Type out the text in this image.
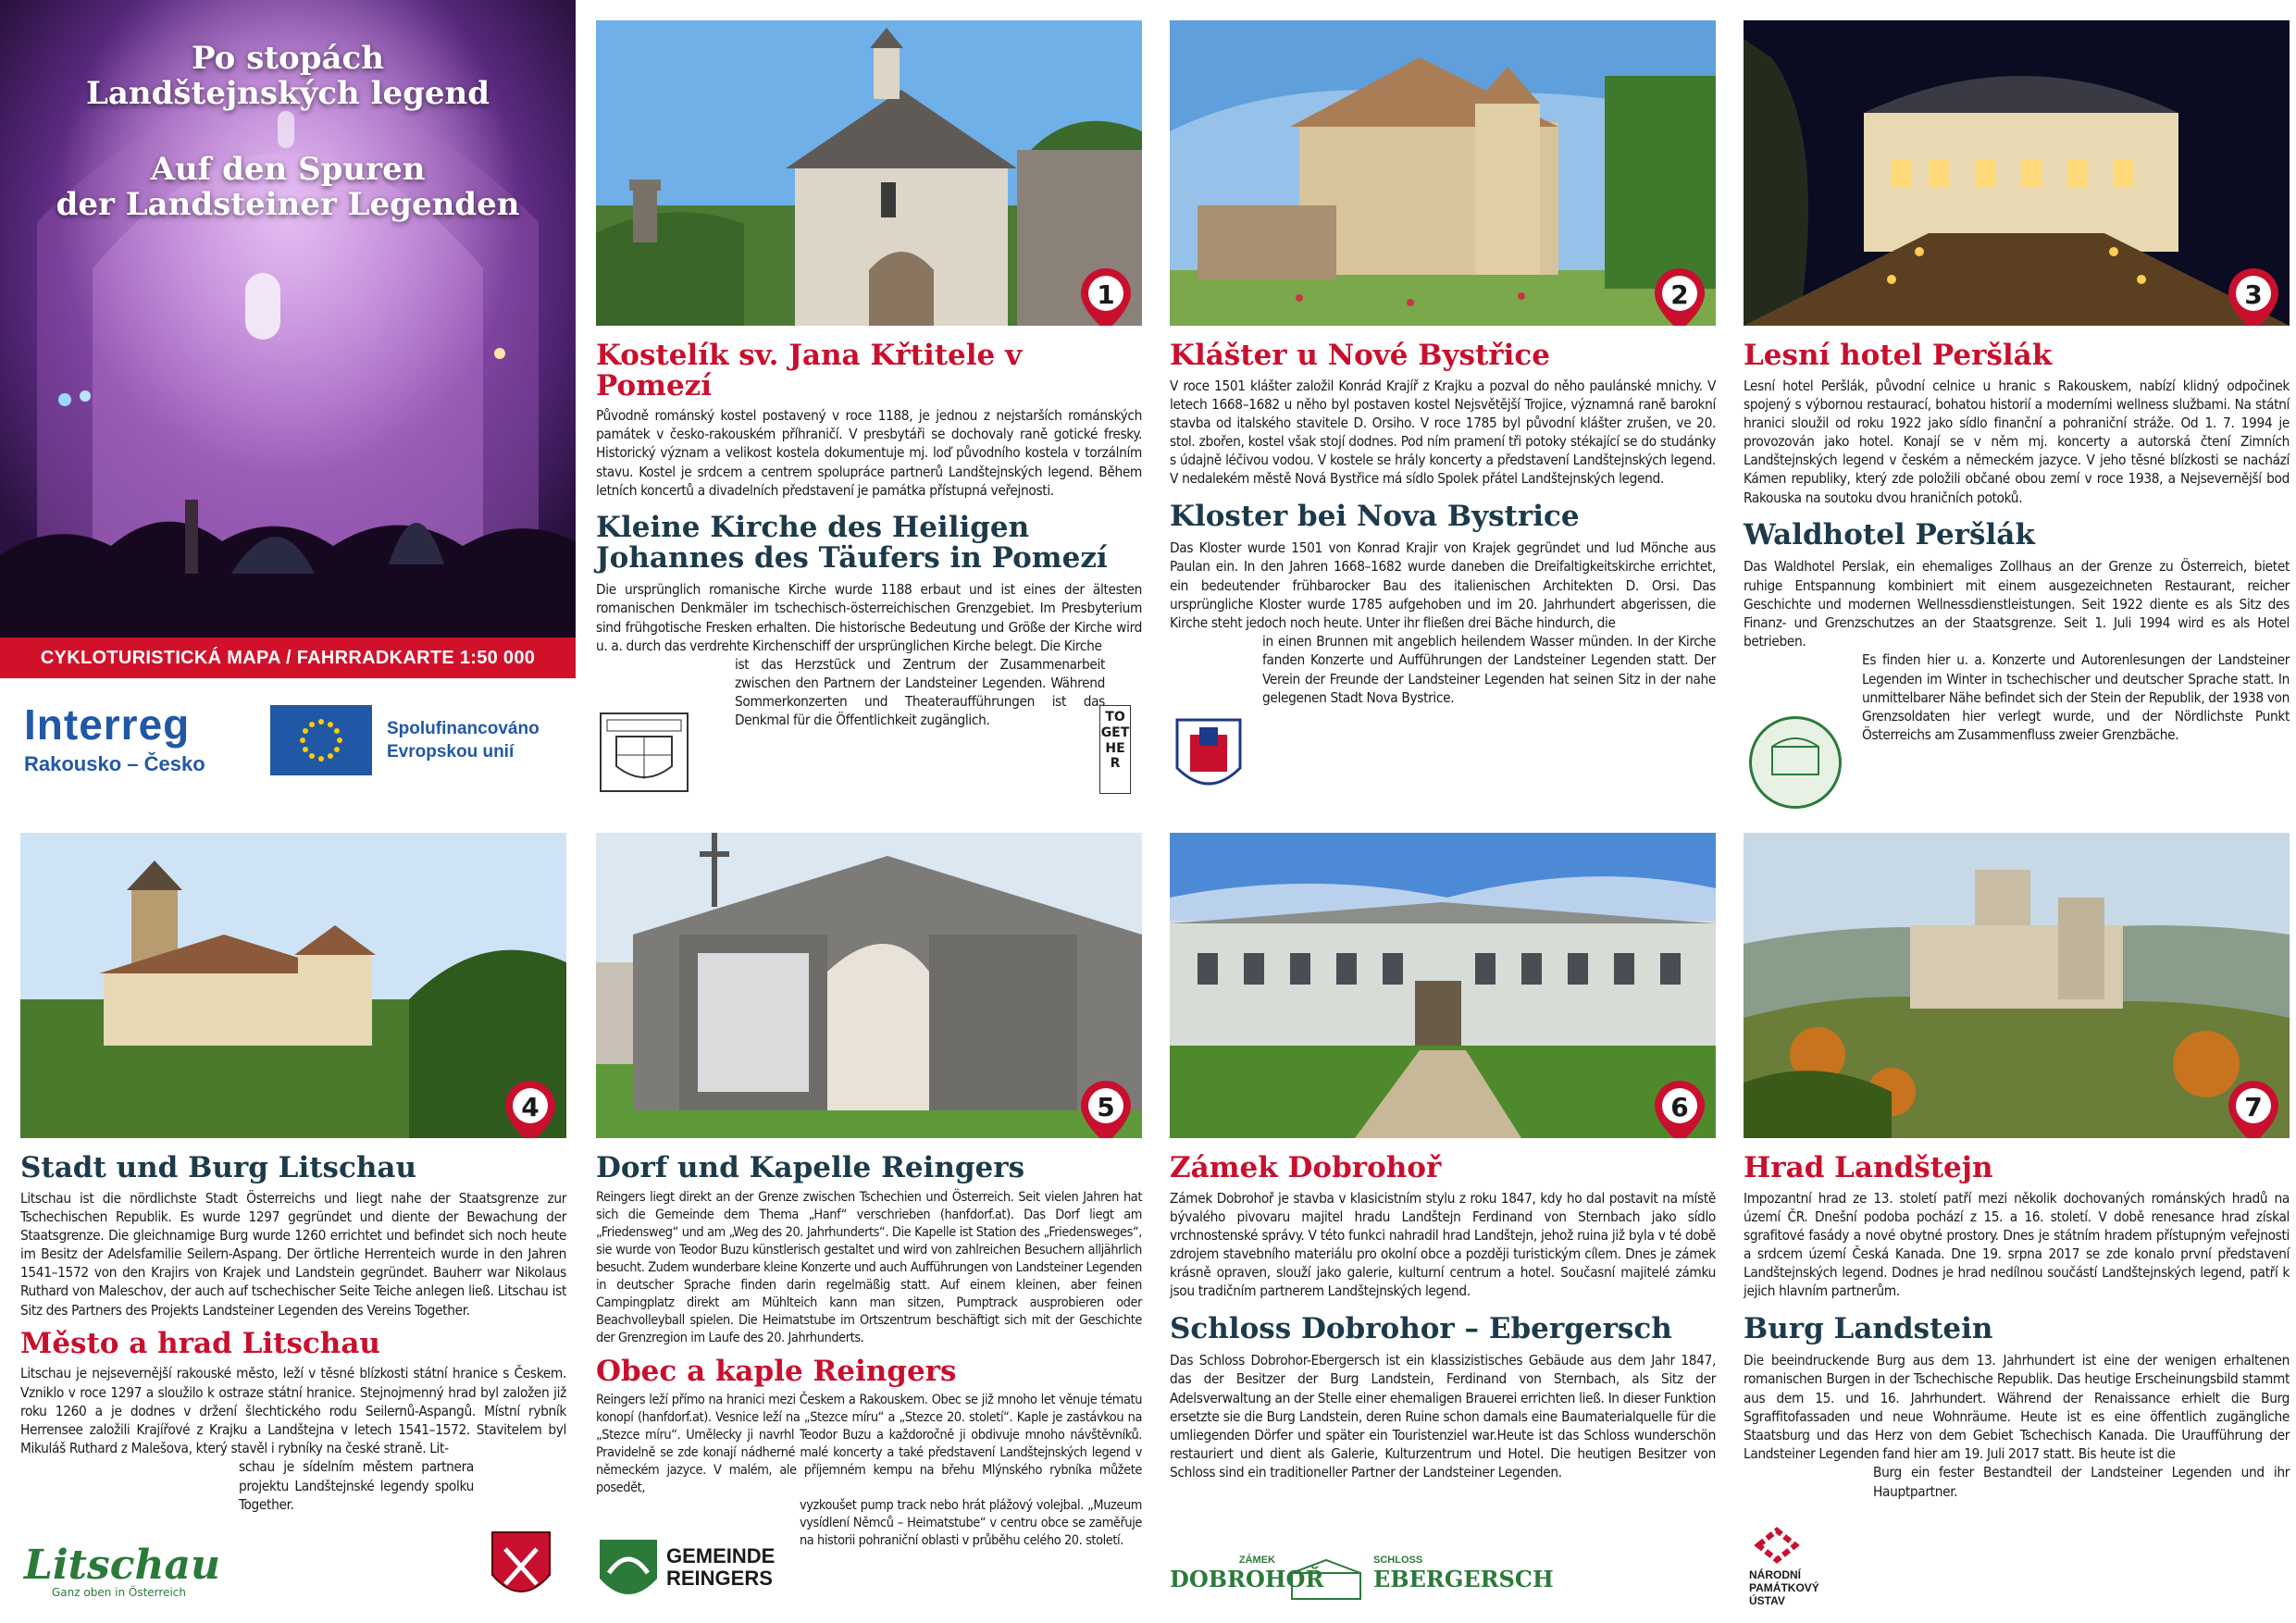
Po stopách
Landštejnských legend
Auf den Spuren
der Landsteiner Legenden
CYKLOTURISTICKÁ MAPA / FAHRRADKARTE 1:50 000
Interreg
Rakousko – Česko
Spolufinancováno
Evropskou unií
1
Kostelík sv. Jana Křtitele v Pomezí

Původně románský kostel postavený v roce 1188, je jednou z nejstarších románských památek v česko-rakouském příhraničí. V presbytáři se dochovaly raně gotické fresky. Historický význam a velikost kostela dokumentuje mj. loď původního kostela v torzálním stavu. Kostel je srdcem a centrem spolupráce partnerů Landštejnských legend. Během letních koncertů a divadelních představení je památka přístupná veřejnosti.

Kleine Kirche des Heiligen Johannes des Täufers in Pomezí

Die ursprünglich romanische Kirche wurde 1188 erbaut und ist eines der ältesten romanischen Denkmäler im tschechisch-österreichischen Grenzgebiet. Im Presbyterium sind frühgotische Fresken erhalten. Die historische Bedeutung und Größe der Kirche wird u. a. durch das verdrehte Kirchenschiff der ursprünglichen Kirche belegt. Die Kirche

ist das Herzstück und Zentrum der Zusammenarbeit zwischen den Partnern der Landsteiner Legenden. Während Sommerkonzerten und Theateraufführungen ist das Denkmal für die Öffentlichkeit zugänglich.	TOGETHER
2
Klášter u Nové Bystřice

V roce 1501 klášter založil Konrád Krajíř z Krajku a pozval do něho paulánské mnichy. V letech 1668–1682 u něho byl postaven kostel Nejsvětější Trojice, významná raně barokní stavba od italského stavitele D. Orsiho. V roce 1785 byl původní klášter zrušen, ve 20. stol. zbořen, kostel však stojí dodnes. Pod ním pramení tři potoky stékající se do studánky s údajně léčivou vodou. V kostele se hrály koncerty a představení Landštejnských legend. V nedalekém městě Nová Bystřice má sídlo Spolek přátel Landštejnských legend.

Kloster bei Nova Bystrice

Das Kloster wurde 1501 von Konrad Krajir von Krajek gegründet und lud Mönche aus Paulan ein. In den Jahren 1668–1682 wurde daneben die Dreifaltigkeitskirche errichtet, ein bedeutender frühbarocker Bau des italienischen Architekten D. Orsi. Das ursprüngliche Kloster wurde 1785 aufgehoben und im 20. Jahrhundert abgerissen, die Kirche steht jedoch noch heute. Unter ihr fließen drei Bäche hindurch, die

in einen Brunnen mit angeblich heilendem Wasser münden. In der Kirche fanden Konzerte und Aufführungen der Landsteiner Legenden statt. Der Verein der Freunde der Landsteiner Legenden hat seinen Sitz in der nahe gelegenen Stadt Nova Bystrice.

3
Lesní hotel Peršlák

Lesní hotel Peršlák, původní celnice u hranic s Rakouskem, nabízí klidný odpočinek spojený s výbornou restaurací, bohatou historií a moderními wellness službami. Na státní hranici sloužil od roku 1922 jako sídlo finanční a pohraniční stráže. Od 1. 7. 1994 je provozován jako hotel. Konají se v něm mj. koncerty a autorská čtení Zimních Landštejnských legend v českém a německém jazyce. V jeho těsné blízkosti se nachází Kámen republiky, který zde položili občané obou zemí v roce 1938, a Nejsevernější bod Rakouska na soutoku dvou hraničních potoků.

Waldhotel Peršlák

Das Waldhotel Perslak, ein ehemaliges Zollhaus an der Grenze zu Österreich, bietet ruhige Entspannung kombiniert mit einem ausgezeichneten Restaurant, reicher Geschichte und modernen Wellnessdienstleistungen. Seit 1922 diente es als Sitz des Finanz- und Grenzschutzes an der Staatsgrenze. Seit 1. Juli 1994 wird es als Hotel betrieben.

Es finden hier u. a. Konzerte und Autorenlesungen der Landsteiner Legenden im Winter in tschechischer und deutscher Sprache statt. In unmittelbarer Nähe befindet sich der Stein der Republik, der 1938 von Grenzsoldaten hier verlegt wurde, und der Nördlichste Punkt Österreichs am Zusammenfluss zweier Grenzbäche.

4
Stadt und Burg Litschau

Litschau ist die nördlichste Stadt Österreichs und liegt nahe der Staatsgrenze zur Tschechischen Republik. Es wurde 1297 gegründet und diente der Bewachung der Staatsgrenze. Die gleichnamige Burg wurde 1260 errichtet und befindet sich noch heute im Besitz der Adelsfamilie Seilern-Aspang. Der örtliche Herrenteich wurde in den Jahren 1541–1572 von den Krajirs von Krajek und Landstein gegründet. Bauherr war Nikolaus Ruthard von Maleschov, der auch auf tschechischer Seite Teiche anlegen ließ. Litschau ist Sitz des Partners des Projekts Landsteiner Legenden des Vereins Together.

Město a hrad Litschau

Litschau je nejsevernější rakouské město, leží v těsné blízkosti státní hranice s Českem. Vzniklo v roce 1297 a sloužilo k ostraze státní hranice. Stejnojmenný hrad byl založen již roku 1260 a je dodnes v držení šlechtického rodu Seilernů-Aspangů. Místní rybník Herrensee založili Krajířové z Krajku a Landštejna v letech 1541–1572. Stavitelem byl Mikuláš Ruthard z Malešova, který stavěl i rybníky na české straně. Lit-

schau je sídelním městem partnera projektu Landštejnské legendy spolku Together.

Litschau
Ganz oben in Österreich
5
Dorf und Kapelle Reingers

Reingers liegt direkt an der Grenze zwischen Tschechien und Österreich. Seit vielen Jahren hat sich die Gemeinde dem Thema „Hanf“ verschrieben (hanfdorf.at). Das Dorf liegt am „Friedensweg“ und am „Weg des 20. Jahrhunderts“. Die Kapelle ist Station des „Friedensweges“, sie wurde von Teodor Buzu künstlerisch gestaltet und wird von zahlreichen Besuchern alljährlich besucht. Zudem wunderbare kleine Konzerte und auch Aufführungen von Landsteiner Legenden in deutscher Sprache finden darin regelmäßig statt. Auf einem kleinen, aber feinen Campingplatz direkt am Mühlteich kann man sitzen, Pumptrack ausprobieren oder Beachvolleyball spielen. Die Heimatstube im Ortszentrum beschäftigt sich mit der Geschichte der Grenzregion im Laufe des 20. Jahrhunderts.

Obec a kaple Reingers

Reingers leží přímo na hranici mezi Českem a Rakouskem. Obec se již mnoho let věnuje tématu konopí (hanfdorf.at). Vesnice leží na „Stezce míru“ a „Stezce 20. století“. Kaple je zastávkou na „Stezce míru“. Umělecky ji navrhl Teodor Buzu a každoročně ji obdivuje mnoho návštěvníků. Pravidelně se zde konají nádherné malé koncerty a také představení Landštejnských legend v německém jazyce. V malém, ale příjemném kempu na břehu Mlýnského rybníka můžete posedět,

vyzkoušet pump track nebo hrát plážový volejbal. „Muzeum vysídlení Němců – Heimatstube“ v centru obce se zaměřuje na historii pohraniční oblasti v průběhu celého 20. století.

GEMEINDE
REINGERS
6
Zámek Dobrohoř

Zámek Dobrohoř je stavba v klasicistním stylu z roku 1847, kdy ho dal postavit na místě bývalého pivovaru majitel hradu Landštejn Ferdinand von Sternbach jako sídlo vrchnostenské správy. V této funkci nahradil hrad Landštejn, jehož ruina již byla v té době zdrojem stavebního materiálu pro okolní obce a později turistickým cílem. Dnes je zámek krásně opraven, slouží jako galerie, kulturní centrum a hotel. Současní majitelé zámku jsou tradičním partnerem Landštejnských legend.

Schloss Dobrohor – Ebergersch

Das Schloss Dobrohor-Ebergersch ist ein klassizistisches Gebäude aus dem Jahr 1847, das der Besitzer der Burg Landstein, Ferdinand von Sternbach, als Sitz der Adelsverwaltung an der Stelle einer ehemaligen Brauerei errichten ließ. In dieser Funktion ersetzte sie die Burg Landstein, deren Ruine schon damals eine Baumaterialquelle für die umliegenden Dörfer und später ein Touristenziel war.Heute ist das Schloss wunderschön restauriert und dient als Galerie, Kulturzentrum und Hotel. Die heutigen Besitzer von Schloss sind ein traditioneller Partner der Landsteiner Legenden.

ZÁMEK
DOBROHOŘ
SCHLOSS
EBERGERSCH
7
Hrad Landštejn

Impozantní hrad ze 13. století patří mezi několik dochovaných románských hradů na území ČR. Dnešní podoba pochází z 15. a 16. století. V době renesance hrad získal sgrafitové fasády a nové obytné prostory. Dnes je státním hradem přístupným veřejnosti a srdcem území Česká Kanada. Dne 19. srpna 2017 se zde konalo první představení Landštejnských legend. Dodnes je hrad nedílnou součástí Landštejnských legend, patří k jejich hlavním partnerům.

Burg Landstein

Die beeindruckende Burg aus dem 13. Jahrhundert ist eine der wenigen erhaltenen romanischen Burgen in der Tschechische Republik. Das heutige Erscheinungsbild stammt aus dem 15. und 16. Jahrhundert. Während der Renaissance erhielt die Burg Sgraffitofassaden und neue Wohnräume. Heute ist es eine öffentlich zugängliche Staatsburg und das Herz von dem Gebiet Tschechisch Kanada. Die Uraufführung der Landsteiner Legenden fand hier am 19. Juli 2017 statt. Bis heute ist die

Burg ein fester Bestandteil der Landsteiner Legenden und ihr Hauptpartner.

NÁRODNÍ
PAMÁTKOVÝ
ÚSTAV
